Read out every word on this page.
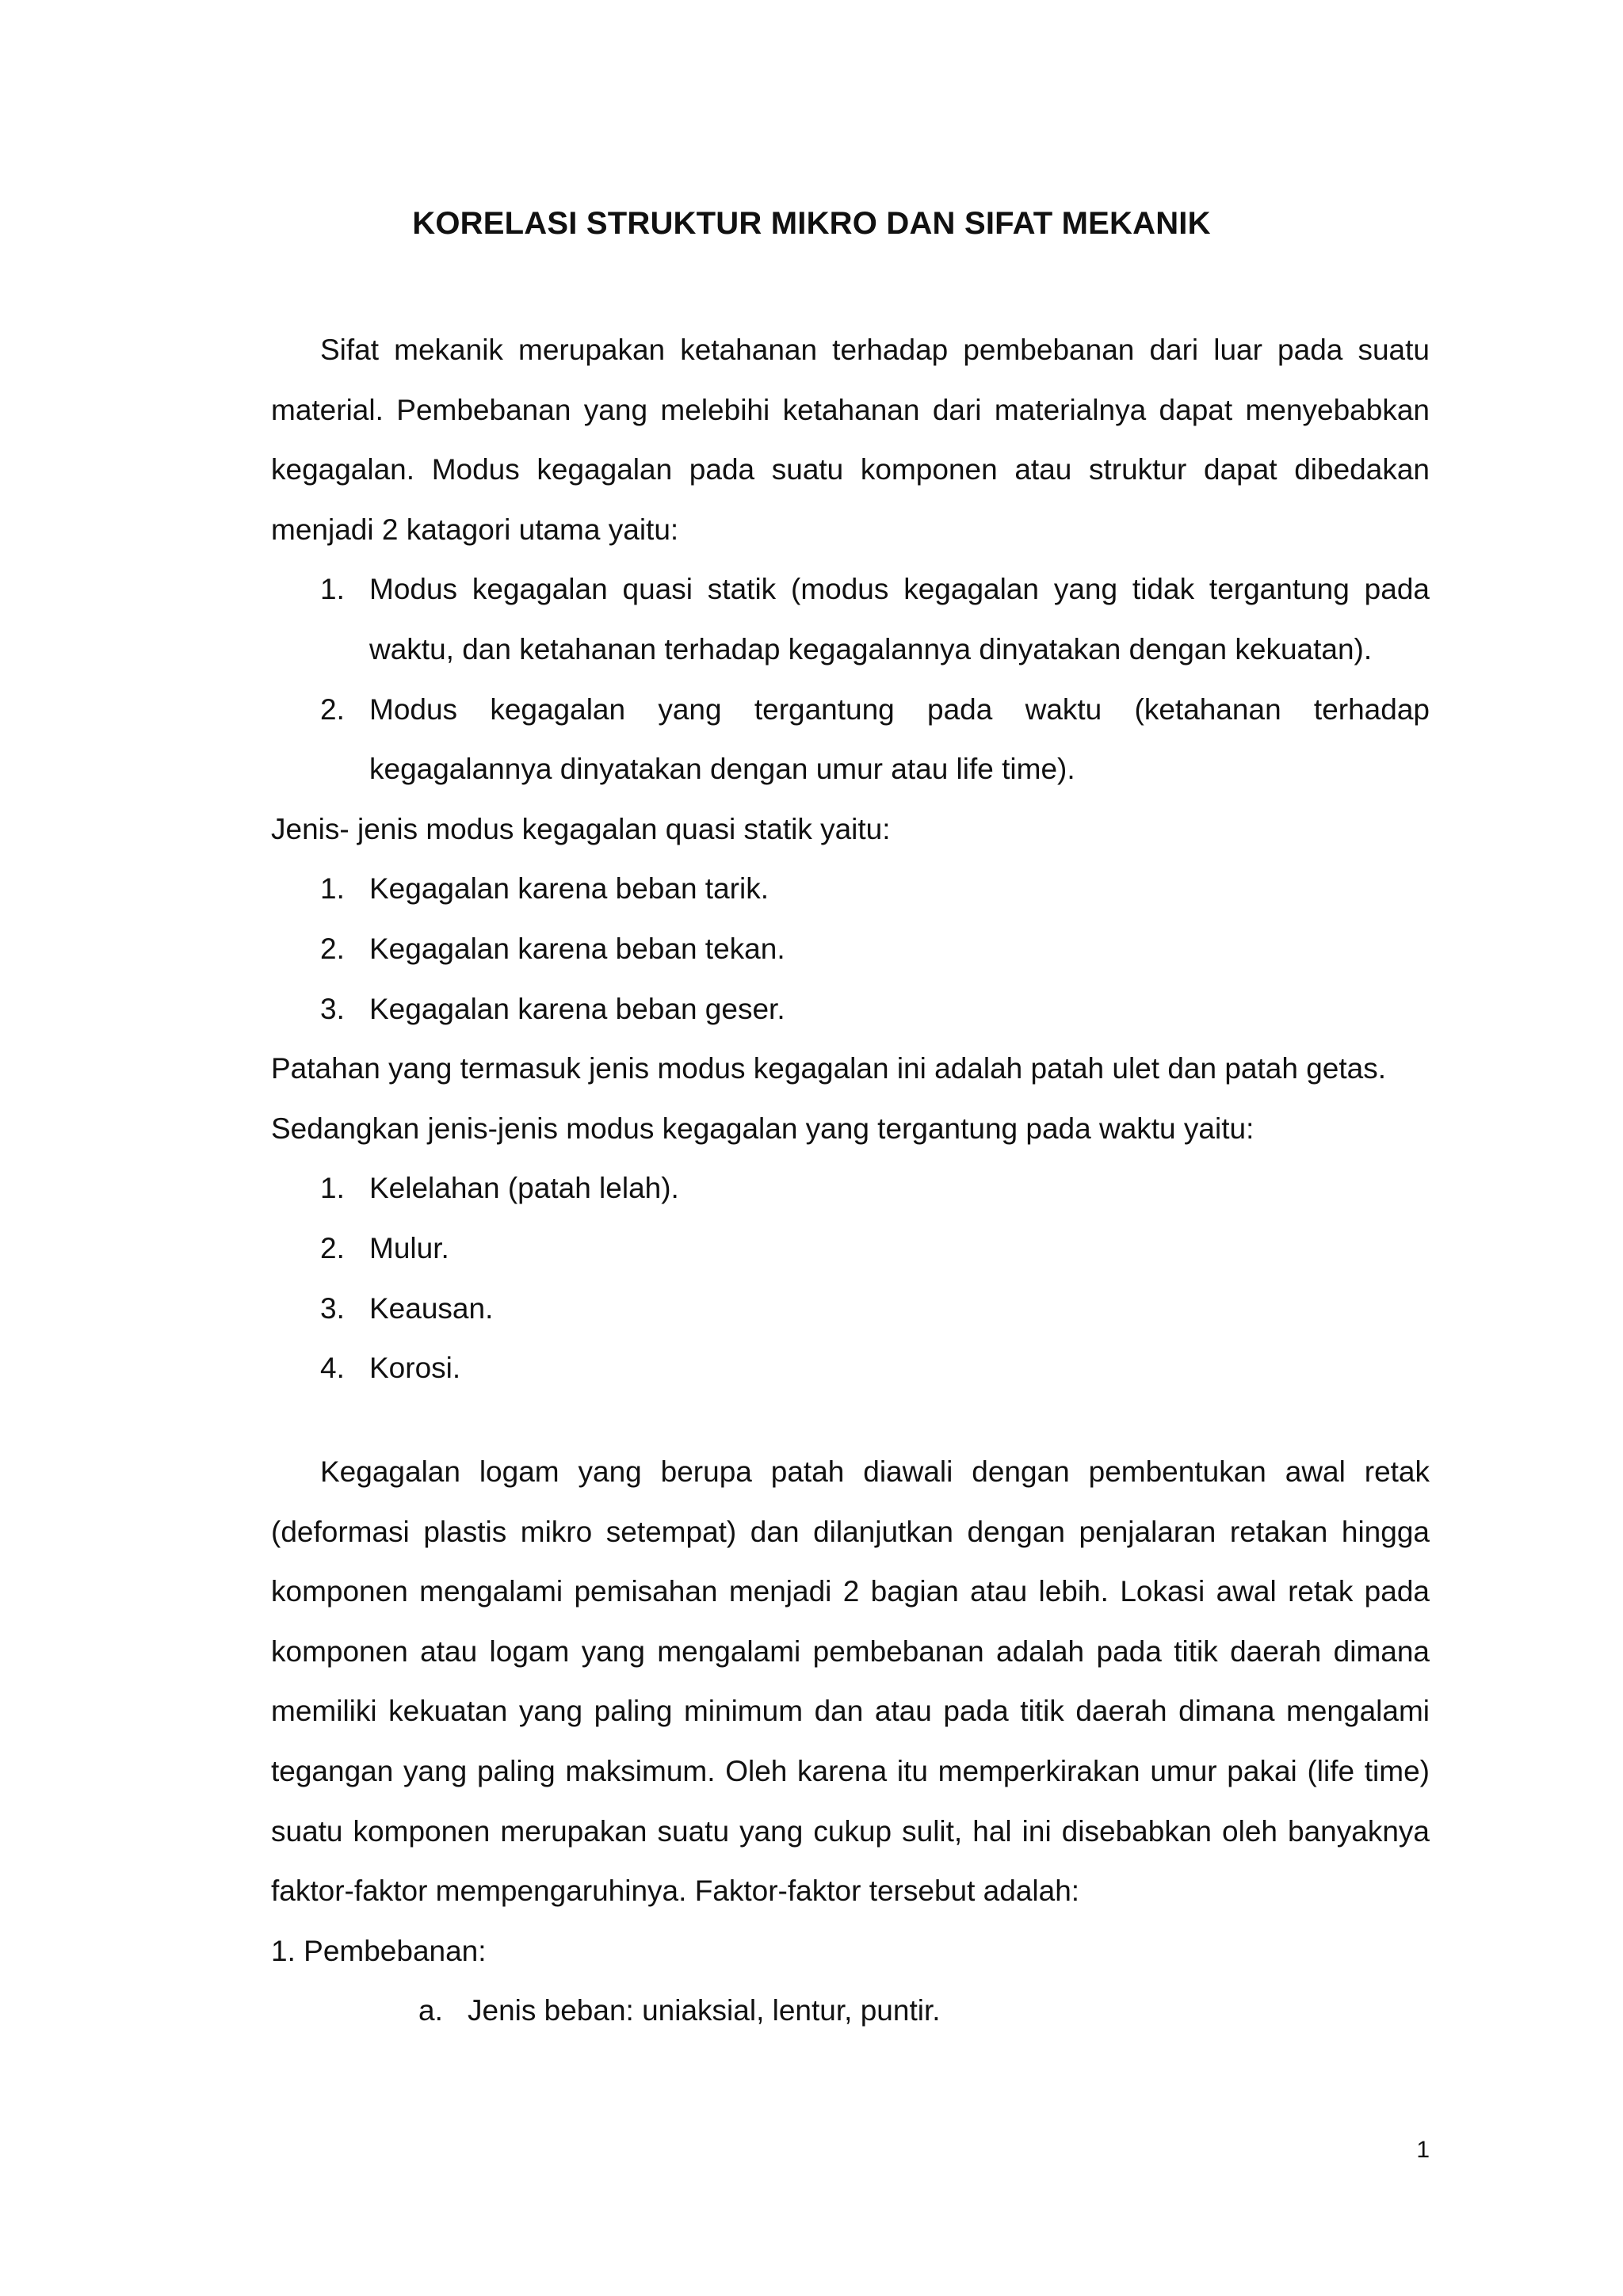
KORELASI STRUKTUR MIKRO DAN SIFAT MEKANIK

Sifat mekanik merupakan ketahanan terhadap pembebanan dari luar pada suatu material. Pembebanan yang melebihi ketahanan dari materialnya dapat menyebabkan kegagalan. Modus kegagalan pada suatu komponen atau struktur dapat dibedakan menjadi 2 katagori utama yaitu:

1. Modus kegagalan quasi statik (modus kegagalan yang tidak tergantung pada waktu, dan ketahanan terhadap kegagalannya dinyatakan dengan kekuatan).
2. Modus kegagalan yang tergantung pada waktu (ketahanan terhadap kegagalannya dinyatakan dengan umur atau life time).

Jenis- jenis modus kegagalan quasi statik yaitu:

1. Kegagalan karena beban tarik.
2. Kegagalan karena beban tekan.
3. Kegagalan karena beban geser.

Patahan yang termasuk jenis modus kegagalan ini adalah patah ulet dan patah getas.

Sedangkan jenis-jenis modus kegagalan yang tergantung pada waktu yaitu:

1. Kelelahan (patah lelah).
2. Mulur.
3. Keausan.
4. Korosi.

Kegagalan logam yang berupa patah diawali dengan pembentukan awal retak (deformasi plastis mikro setempat) dan dilanjutkan dengan penjalaran retakan hingga komponen mengalami pemisahan menjadi 2 bagian atau lebih. Lokasi awal retak pada komponen atau logam yang mengalami pembebanan adalah pada titik daerah dimana memiliki kekuatan yang paling minimum dan atau pada titik daerah dimana mengalami tegangan yang paling maksimum. Oleh karena itu memperkirakan umur pakai (life time) suatu komponen merupakan suatu yang cukup sulit, hal ini disebabkan oleh banyaknya faktor-faktor mempengaruhinya. Faktor-faktor tersebut adalah:

1. Pembebanan:

a. Jenis beban: uniaksial, lentur, puntir.
1
